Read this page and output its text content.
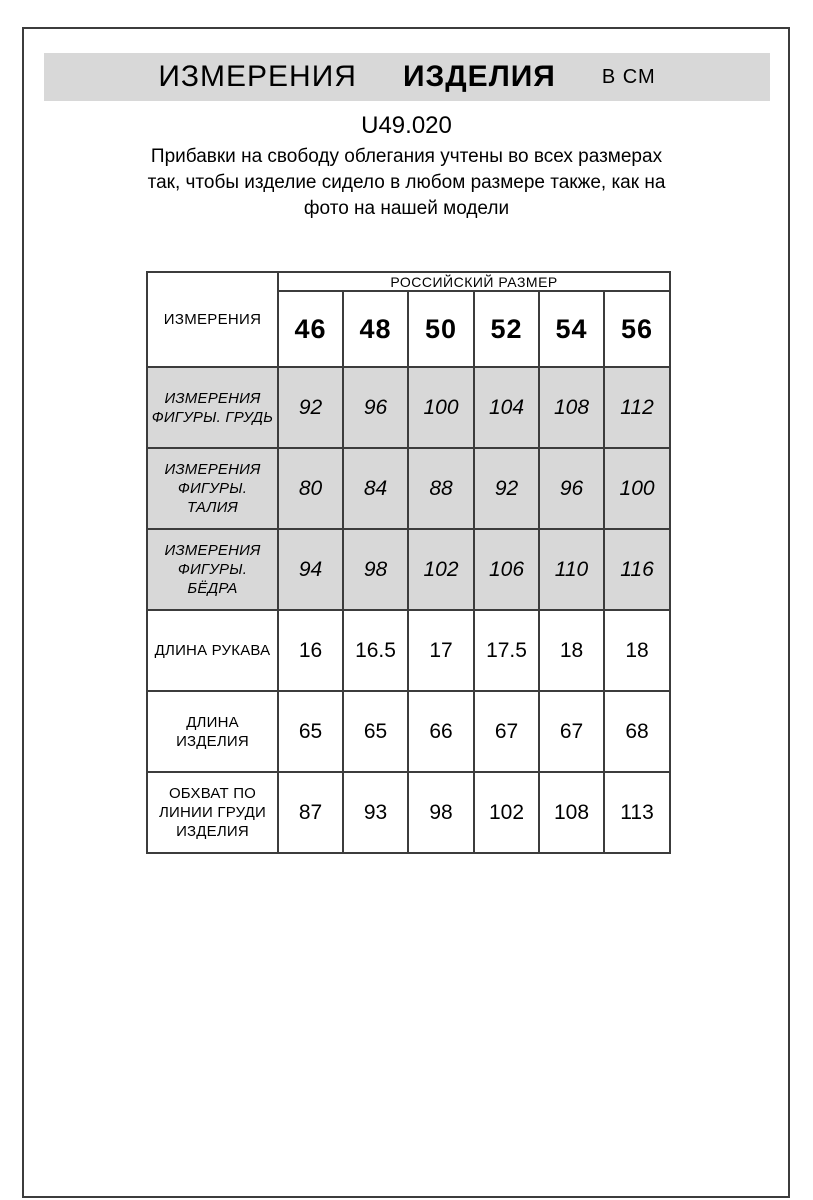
ИЗМЕРЕНИЯ ИЗДЕЛИЯ В СМ
U49.020
Прибавки на свободу облегания учтены во всех размерах
так, чтобы изделие сидело в любом размере также, как на
фото на нашей модели
ИЗМЕРЕНИЯ	РОССИЙСКИЙ РАЗМЕР					
	46	48	50	52	54	56

ИЗМЕРЕНИЯ ФИГУРЫ. ГРУДЬ	92	96	100	104	108	112

ИЗМЕРЕНИЯ ФИГУРЫ. ТАЛИЯ	80	84	88	92	96	100

ИЗМЕРЕНИЯ ФИГУРЫ. БЁДРА	94	98	102	106	110	116

ДЛИНА РУКАВА	16	16.5	17	17.5	18	18

ДЛИНА ИЗДЕЛИЯ	65	65	66	67	67	68

ОБХВАТ ПО ЛИНИИ ГРУДИ ИЗДЕЛИЯ	87	93	98	102	108	113
